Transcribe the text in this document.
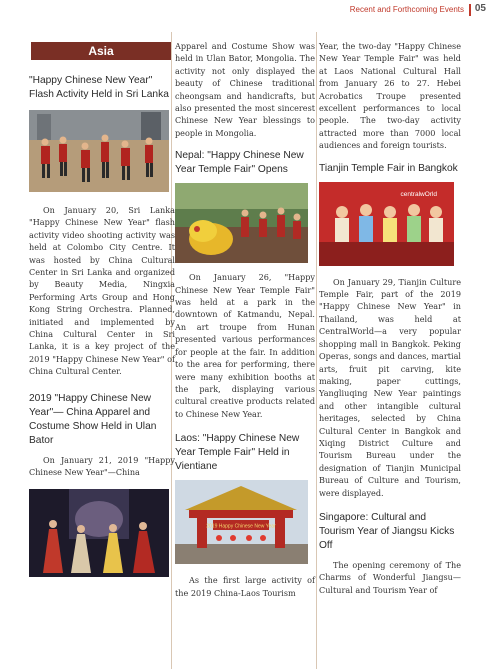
Recent and Forthcoming Events 05
Asia
"Happy Chinese New Year" Flash Activity Held in Sri Lanka

On January 20, Sri Lanka "Happy Chinese New Year" flash activity video shooting activity was held at Colombo City Centre. It was hosted by China Cultural Center in Sri Lanka and organized by Beauty Media, Ningxia Performing Arts Group and Hong Kong String Orchestra. Planned, initiated and implemented by China Cultural Center in Sri Lanka, it is a key project of the 2019 "Happy Chinese New Year" of China Cultural Center.

2019 "Happy Chinese New Year"— China Apparel and Costume Show Held in Ulan Bator

On January 21, 2019 "Happy Chinese New Year"—China

Apparel and Costume Show was held in Ulan Bator, Mongolia. The activity not only displayed the beauty of Chinese traditional cheongsam and handicrafts, but also presented the most sincerest Chinese New Year blessings to people in Mongolia.

Nepal: "Happy Chinese New Year Temple Fair" Opens

On January 26, "Happy Chinese New Year Temple Fair" was held at a park in the downtown of Katmandu, Nepal. An art troupe from Hunan presented various performances for people at the fair. In addition to the area for performing, there were many exhibition booths at the park, displaying various cultural creative products related to Chinese New Year.

Laos: "Happy Chinese New Year Temple Fair" Held in Vientiane
2019 Happy Chinese New Year

As the first large activity of the 2019 China-Laos Tourism

Year, the two-day "Happy Chinese New Year Temple Fair" was held at Laos National Cultural Hall from January 26 to 27. Hebei Acrobatics Troupe presented excellent performances to local people. The two-day activity attracted more than 7000 local audiences and foreign tourists.

Tianjin Temple Fair in Bangkok
centralwOrld

On January 29, Tianjin Culture Temple Fair, part of the 2019 "Happy Chinese New Year" in Thailand, was held at CentralWorld—a very popular shopping mall in Bangkok. Peking Operas, songs and dances, martial arts, fruit pit carving, kite making, paper cuttings, Yangliuqing New Year paintings and other intangible cultural heritages, selected by China Cultural Center in Bangkok and Xiqing District Culture and Tourism Bureau under the designation of Tianjin Municipal Bureau of Culture and Tourism, were displayed.

Singapore: Cultural and Tourism Year of Jiangsu Kicks Off

The opening ceremony of The Charms of Wonderful Jiangsu—Cultural and Tourism Year of
